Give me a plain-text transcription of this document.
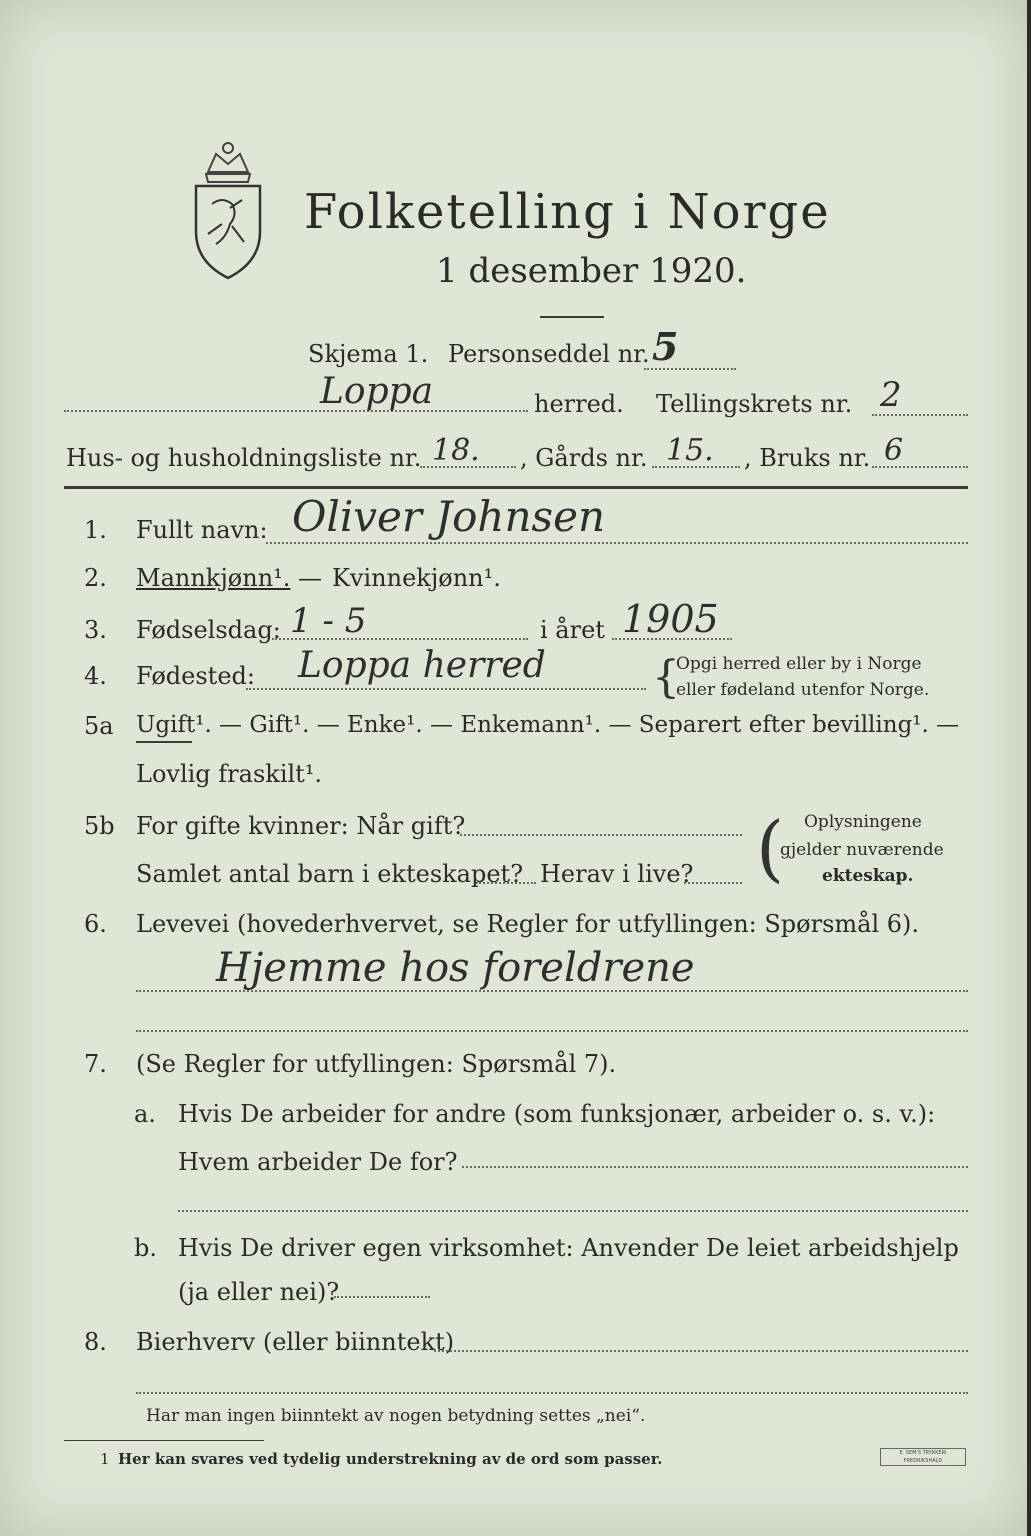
Folketelling i Norge
1 desember 1920.
Skjema 1. Personseddel nr. 5
Loppa	herred. Tellingskrets nr. 2
Hus- og husholdningsliste nr. 18. , Gårds nr. 15. , Bruks nr. 6
1. Fullt navn: Oliver Johnsen
2. Mannkjønn¹. — Kvinnekjønn¹.
3. Fødselsdag: 1 - 5	i året 1905
4. Fødested: Loppa herred {
Opgi herred eller by i Norge
eller fødeland utenfor Norge.
5a Ugift¹. — Gift¹. — Enke¹. — Enkemann¹. — Separert efter bevilling¹. —
Lovlig fraskilt¹.
5b For gifte kvinner: Når gift?
Samlet antal barn i ekteskapet? Herav i live? ( Oplysningene
gjelder nuværende
ekteskap.
6. Levevei (hovederhvervet, se Regler for utfyllingen: Spørsmål 6).
Hjemme hos foreldrene
7. (Se Regler for utfyllingen: Spørsmål 7).
a. Hvis De arbeider for andre (som funksjonær, arbeider o. s. v.):
Hvem arbeider De for?
b. Hvis De driver egen virksomhet: Anvender De leiet arbeidshjelp
(ja eller nei)?
8. Bierhverv (eller biinntekt)
Har man ingen biinntekt av nogen betydning settes „nei“.
1 Her kan svares ved tydelig understrekning av de ord som passer.	E. SEM'S TRYKKERI FREDRIKSHALD
